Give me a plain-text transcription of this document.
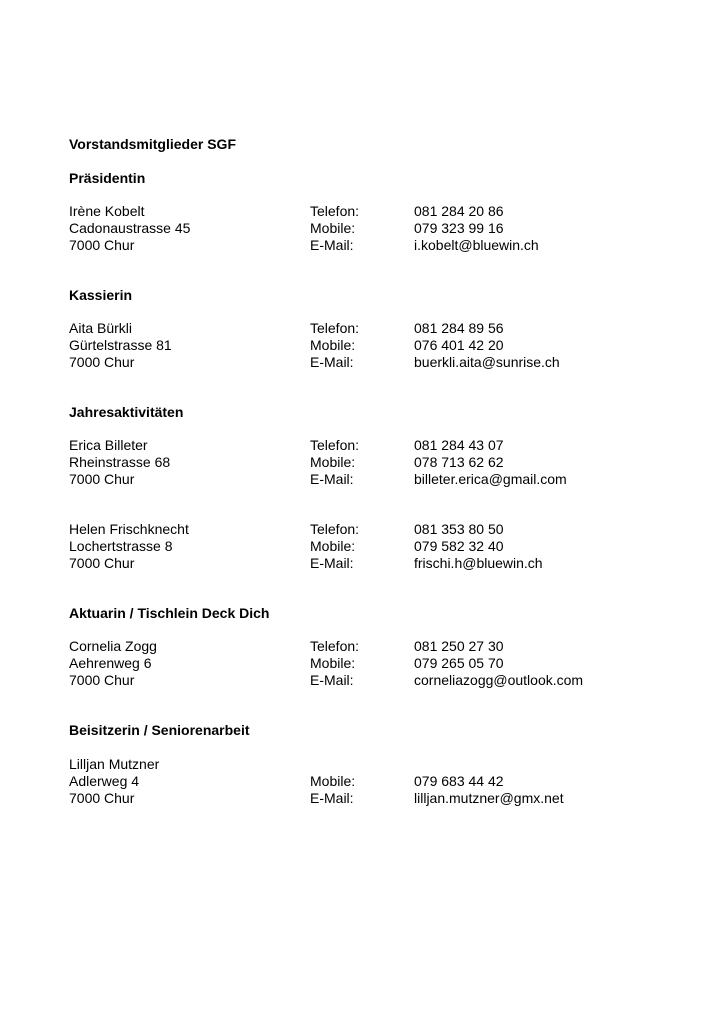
Vorstandsmitglieder SGF
Präsidentin
Irène Kobelt	Telefon:	081 284 20 86
Cadonaustrasse 45	Mobile:	079 323 99 16
7000 Chur	E-Mail:	i.kobelt@bluewin.ch
Kassierin
Aita Bürkli	Telefon:	081 284 89 56
Gürtelstrasse 81	Mobile:	076 401 42 20
7000 Chur	E-Mail:	buerkli.aita@sunrise.ch
Jahresaktivitäten
Erica Billeter	Telefon:	081 284 43 07
Rheinstrasse 68	Mobile:	078 713 62 62
7000 Chur	E-Mail:	billeter.erica@gmail.com
Helen Frischknecht	Telefon:	081 353 80 50
Lochertstrasse 8	Mobile:	079 582 32 40
7000 Chur	E-Mail:	frischi.h@bluewin.ch
Aktuarin / Tischlein Deck Dich
Cornelia Zogg	Telefon:	081 250 27 30
Aehrenweg 6	Mobile:	079 265 05 70
7000 Chur	E-Mail:	corneliazogg@outlook.com
Beisitzerin / Seniorenarbeit
Lilljan Mutzner
Adlerweg 4	Mobile:	079 683 44 42
7000 Chur	E-Mail:	lilljan.mutzner@gmx.net
